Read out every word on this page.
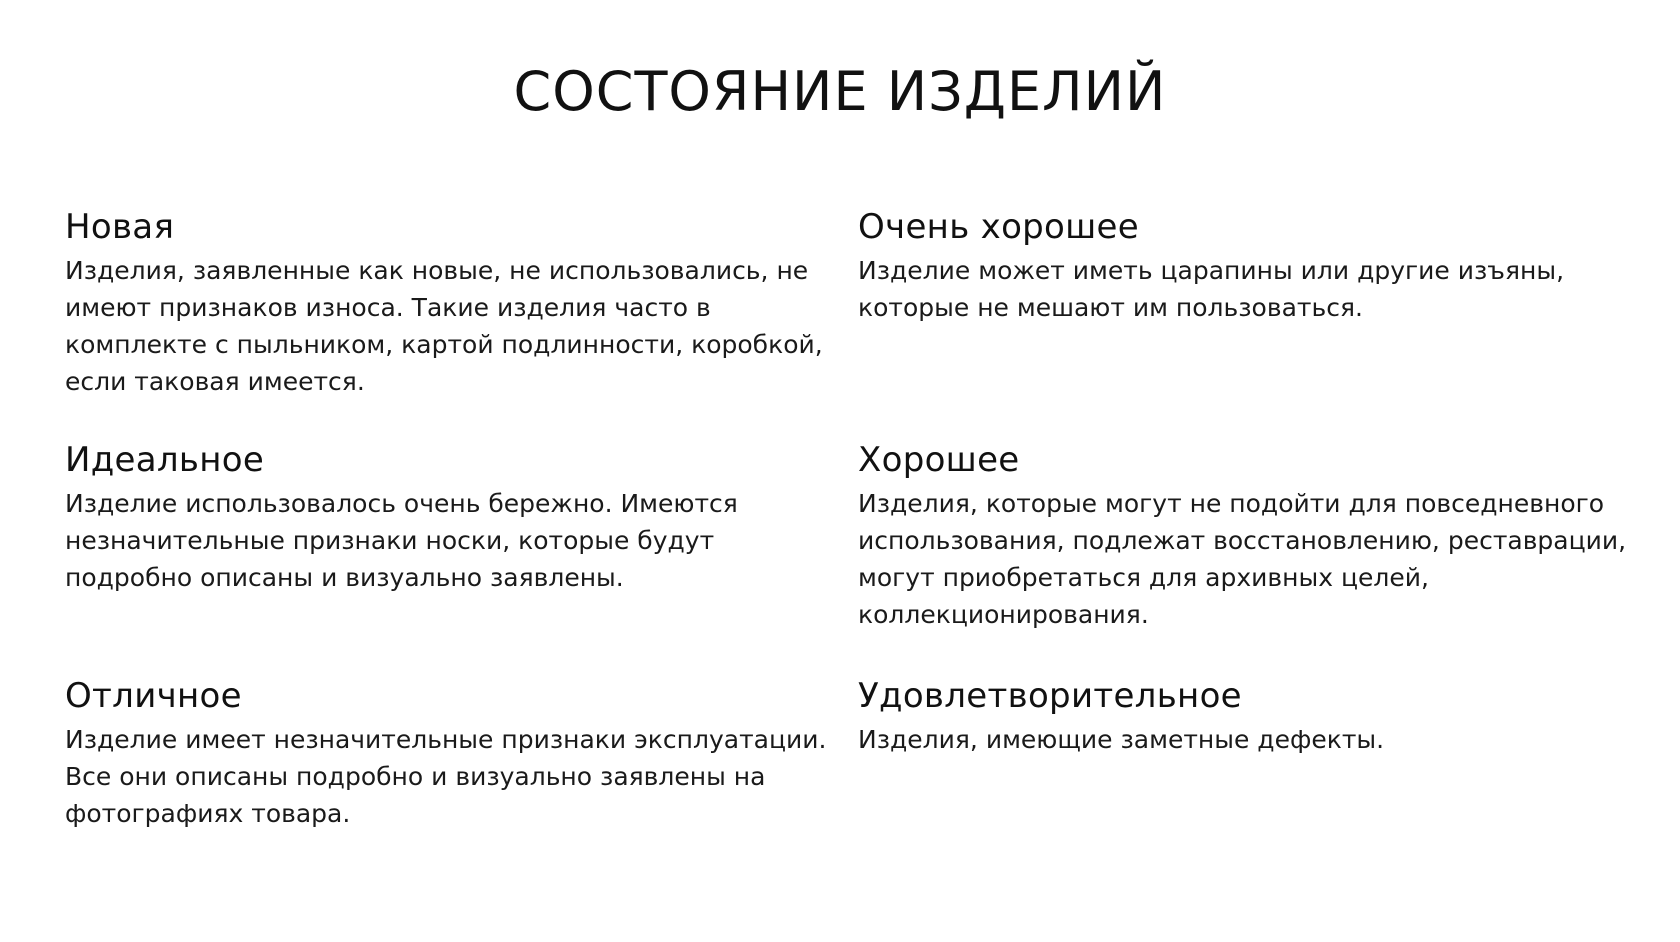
СОСТОЯНИЕ ИЗДЕЛИЙ
Новая

Изделия, заявленные как новые, не использовались, не имеют признаков износа. Такие изделия часто в комплекте с пыльником, картой подлинности, коробкой, если таковая имеется.

Очень хорошее

Изделие может иметь царапины или другие изъяны, которые не мешают им пользоваться.

Идеальное

Изделие использовалось очень бережно. Имеются незначительные признаки носки, которые будут подробно описаны и визуально заявлены.

Хорошее

Изделия, которые могут не подойти для повседневного использования, подлежат восстановлению, реставрации, могут приобретаться для архивных целей, коллекционирования.

Отличное

Изделие имеет незначительные признаки эксплуатации. Все они описаны подробно и визуально заявлены на фотографиях товара.

Удовлетворительное

Изделия, имеющие заметные дефекты.
